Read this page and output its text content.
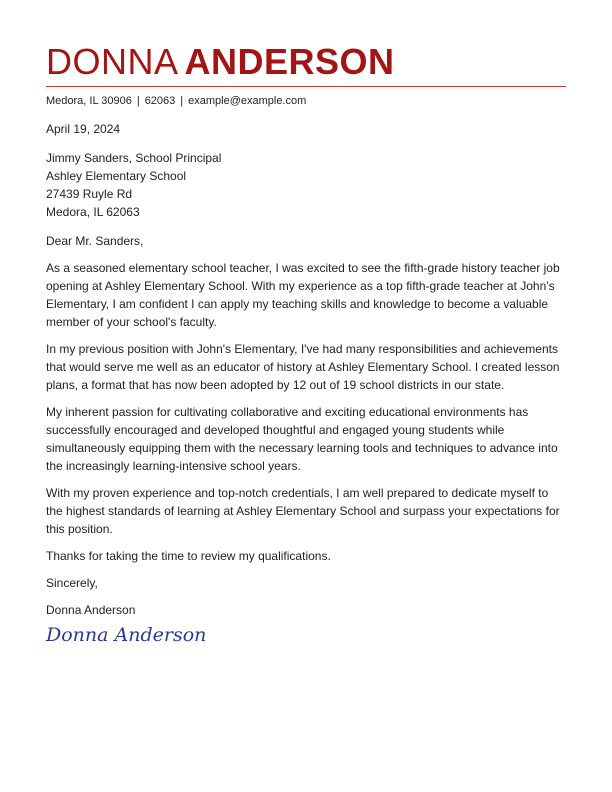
DONNA ANDERSON
Medora, IL 30906 | 62063 | example@example.com
April 19, 2024
Jimmy Sanders, School Principal
Ashley Elementary School
27439 Ruyle Rd
Medora, IL 62063
Dear Mr. Sanders,
As a seasoned elementary school teacher, I was excited to see the fifth-grade history teacher job opening at Ashley Elementary School. With my experience as a top fifth-grade teacher at John's Elementary, I am confident I can apply my teaching skills and knowledge to become a valuable member of your school's faculty.
In my previous position with John's Elementary, I've had many responsibilities and achievements that would serve me well as an educator of history at Ashley Elementary School. I created lesson plans, a format that has now been adopted by 12 out of 19 school districts in our state.
My inherent passion for cultivating collaborative and exciting educational environments has successfully encouraged and developed thoughtful and engaged young students while simultaneously equipping them with the necessary learning tools and techniques to advance into the increasingly learning-intensive school years.
With my proven experience and top-notch credentials, I am well prepared to dedicate myself to the highest standards of learning at Ashley Elementary School and surpass your expectations for this position.
Thanks for taking the time to review my qualifications.
Sincerely,
Donna Anderson
Donna Anderson
